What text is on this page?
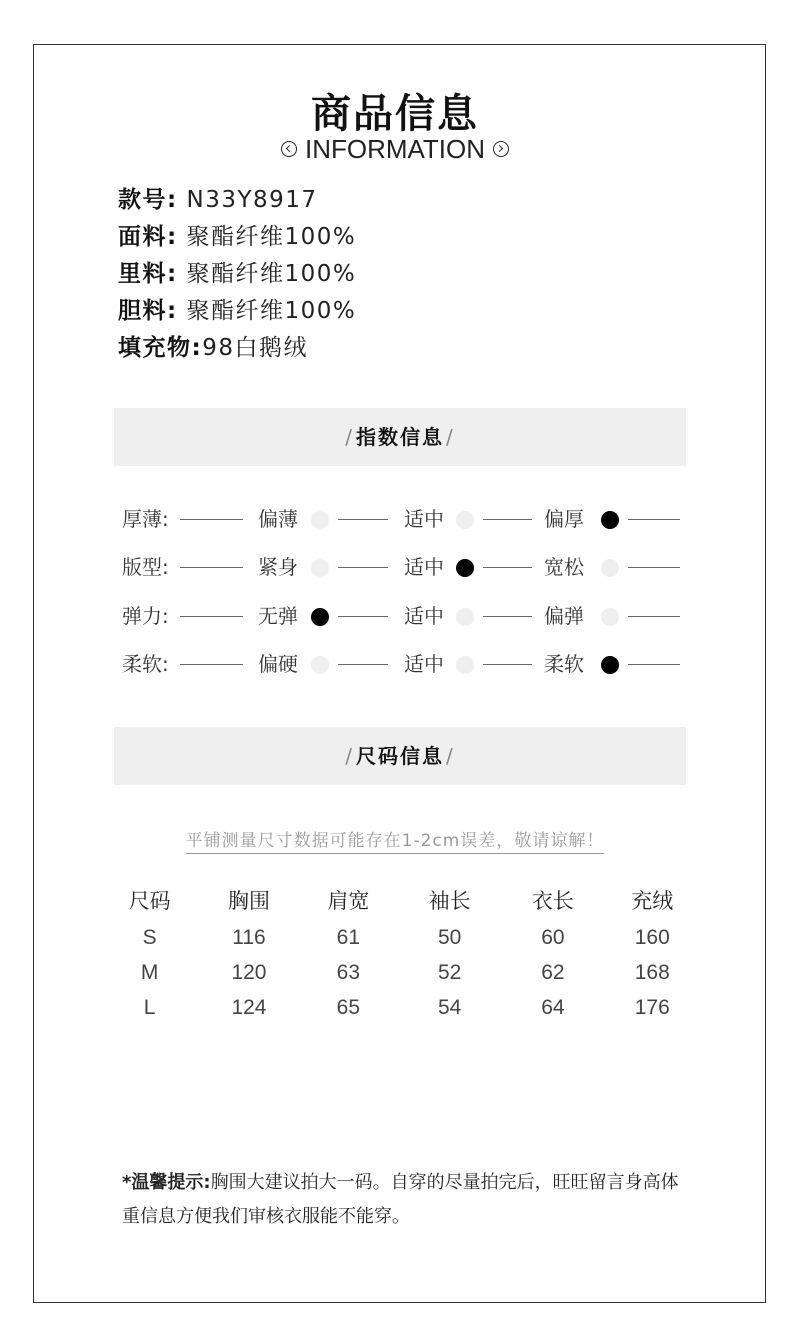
商品信息
INFORMATION
款号: N33Y8917
面料: 聚酯纤维100%
里料: 聚酯纤维100%
胆料: 聚酯纤维100%
填充物:98白鹅绒
/ 指数信息 /
厚薄:	偏薄	适中	偏厚
版型:	紧身	适中	宽松
弹力:	无弹	适中	偏弹
柔软:	偏硬	适中	柔软
/ 尺码信息 /
平铺测量尺寸数据可能存在1-2cm误差，敬请谅解！
尺码	胸围	肩宽	袖长	衣长	充绒
S	116	61	50	60	160
M	120	63	52	62	168
L	124	65	54	64	176
*温馨提示:胸围大建议拍大一码。自穿的尽量拍完后，旺旺留言身高体重信息方便我们审核衣服能不能穿。
